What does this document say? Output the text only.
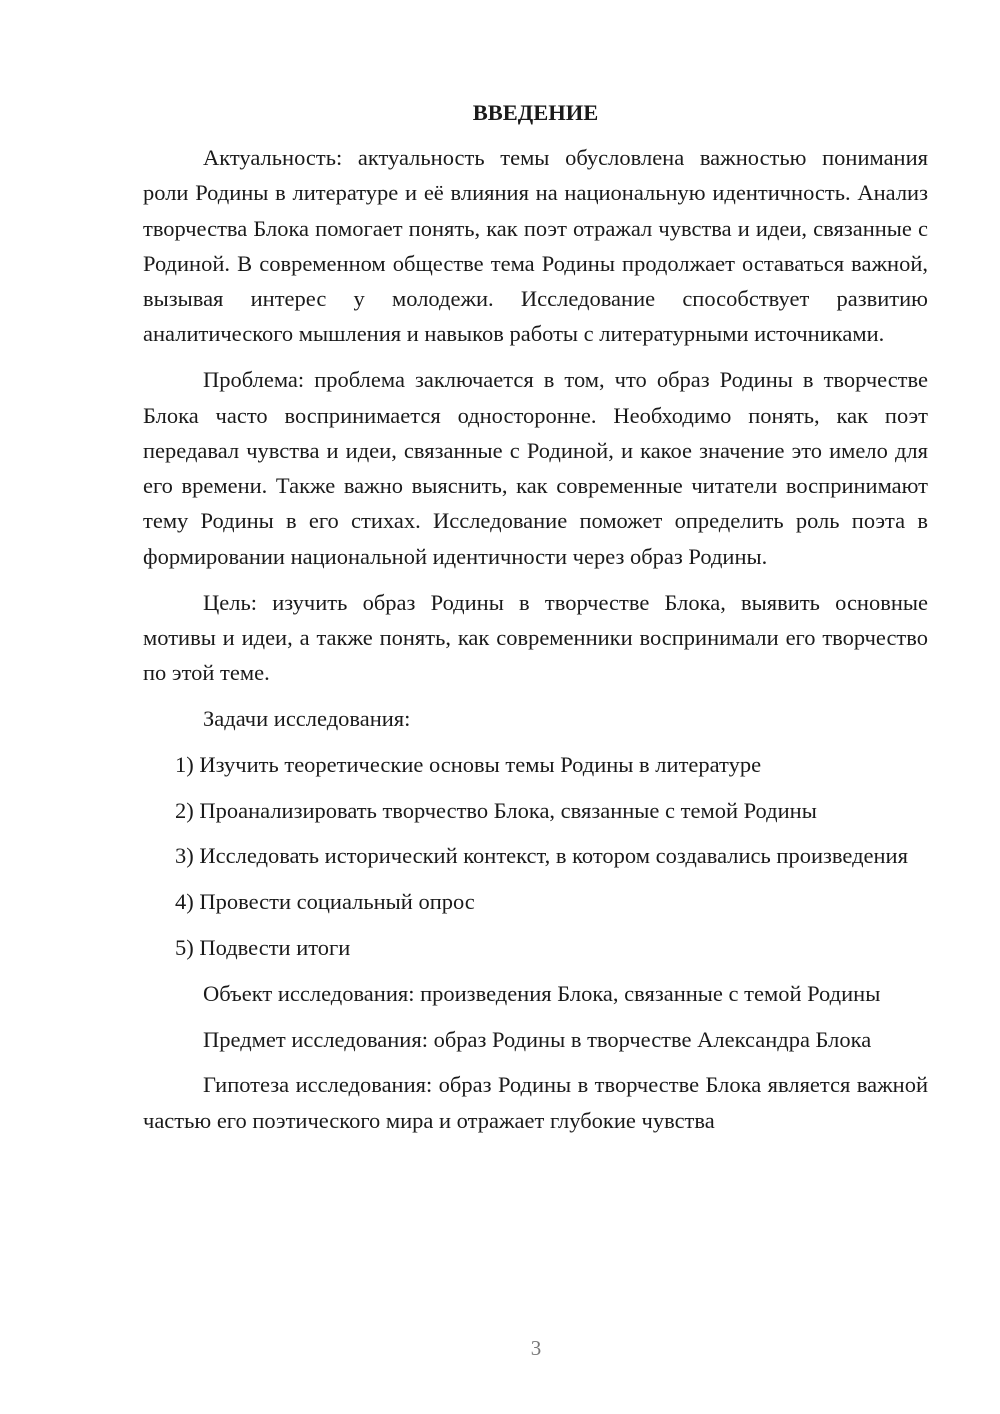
ВВЕДЕНИЕ

Актуальность: актуальность темы обусловлена важностью понимания роли Родины в литературе и её влияния на национальную идентичность. Анализ творчества Блока помогает понять, как поэт отражал чувства и идеи, связанные с Родиной. В современном обществе тема Родины продолжает оставаться важной, вызывая интерес у молодежи. Исследование способствует развитию аналитического мышления и навыков работы с литературными источниками.

Проблема: проблема заключается в том, что образ Родины в творчестве Блока часто воспринимается односторонне. Необходимо понять, как поэт передавал чувства и идеи, связанные с Родиной, и какое значение это имело для его времени. Также важно выяснить, как современные читатели воспринимают тему Родины в его стихах. Исследование поможет определить роль поэта в формировании национальной идентичности через образ Родины.

Цель: изучить образ Родины в творчестве Блока, выявить основные мотивы и идеи, а также понять, как современники воспринимали его творчество по этой теме.

Задачи исследования:

1) Изучить теоретические основы темы Родины в литературе

2) Проанализировать творчество Блока, связанные с темой Родины

3) Исследовать исторический контекст, в котором создавались произведения

4) Провести социальный опрос

5) Подвести итоги

Объект исследования: произведения Блока, связанные с темой Родины

Предмет исследования: образ Родины в творчестве Александра Блока

Гипотеза исследования: образ Родины в творчестве Блока является важной частью его поэтического мира и отражает глубокие чувства

3
